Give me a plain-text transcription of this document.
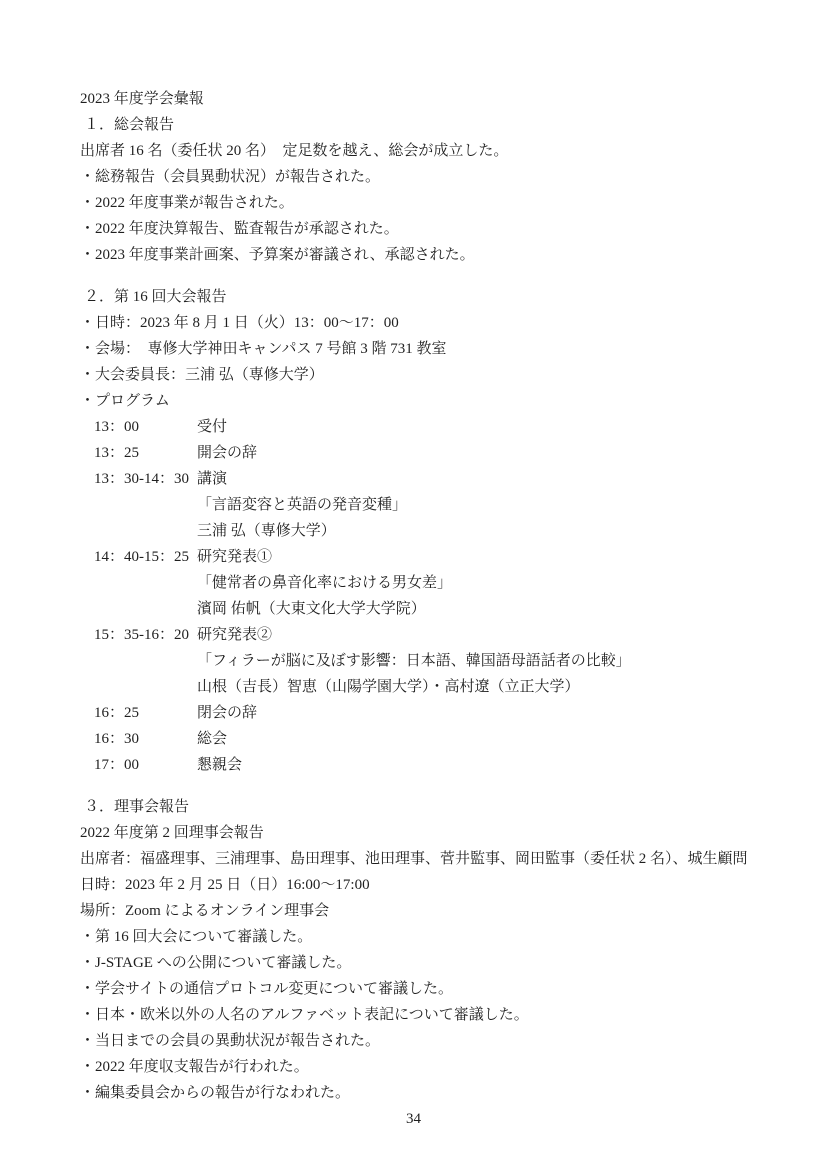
2023 年度学会彙報
１．総会報告
出席者 16 名（委任状 20 名）　定足数を越え、総会が成立した。
・総務報告（会員異動状況）が報告された。
・2022 年度事業が報告された。
・2022 年度決算報告、監査報告が承認された。
・2023 年度事業計画案、予算案が審議され、承認された。
２．第 16 回大会報告
・日時：2023 年 8 月 1 日（火）13：00～17：00
・会場：　専修大学神田キャンパス 7 号館 3 階 731 教室
・大会委員長：三浦 弘（専修大学）
・プログラム
13：00	受付
13：25	開会の辞
13：30-14：30 講演
「言語変容と英語の発音変種」
三浦 弘（専修大学）
14：40-15：25 研究発表①
「健常者の鼻音化率における男女差」
濱岡 佑帆（大東文化大学大学院）
15：35-16：20 研究発表②
「フィラーが脳に及ぼす影響：日本語、韓国語母語話者の比較」
山根（吉長）智恵（山陽学園大学）・高村遼（立正大学）
16：25	閉会の辞
16：30	総会
17：00	懇親会
３．理事会報告
2022 年度第 2 回理事会報告
出席者：福盛理事、三浦理事、島田理事、池田理事、菅井監事、岡田監事（委任状 2 名）、城生顧問
日時：2023 年 2 月 25 日（日）16:00～17:00
場所：Zoom によるオンライン理事会
・第 16 回大会について審議した。
・J-STAGE への公開について審議した。
・学会サイトの通信プロトコル変更について審議した。
・日本・欧米以外の人名のアルファベット表記について審議した。
・当日までの会員の異動状況が報告された。
・2022 年度収支報告が行われた。
・編集委員会からの報告が行なわれた。
34
